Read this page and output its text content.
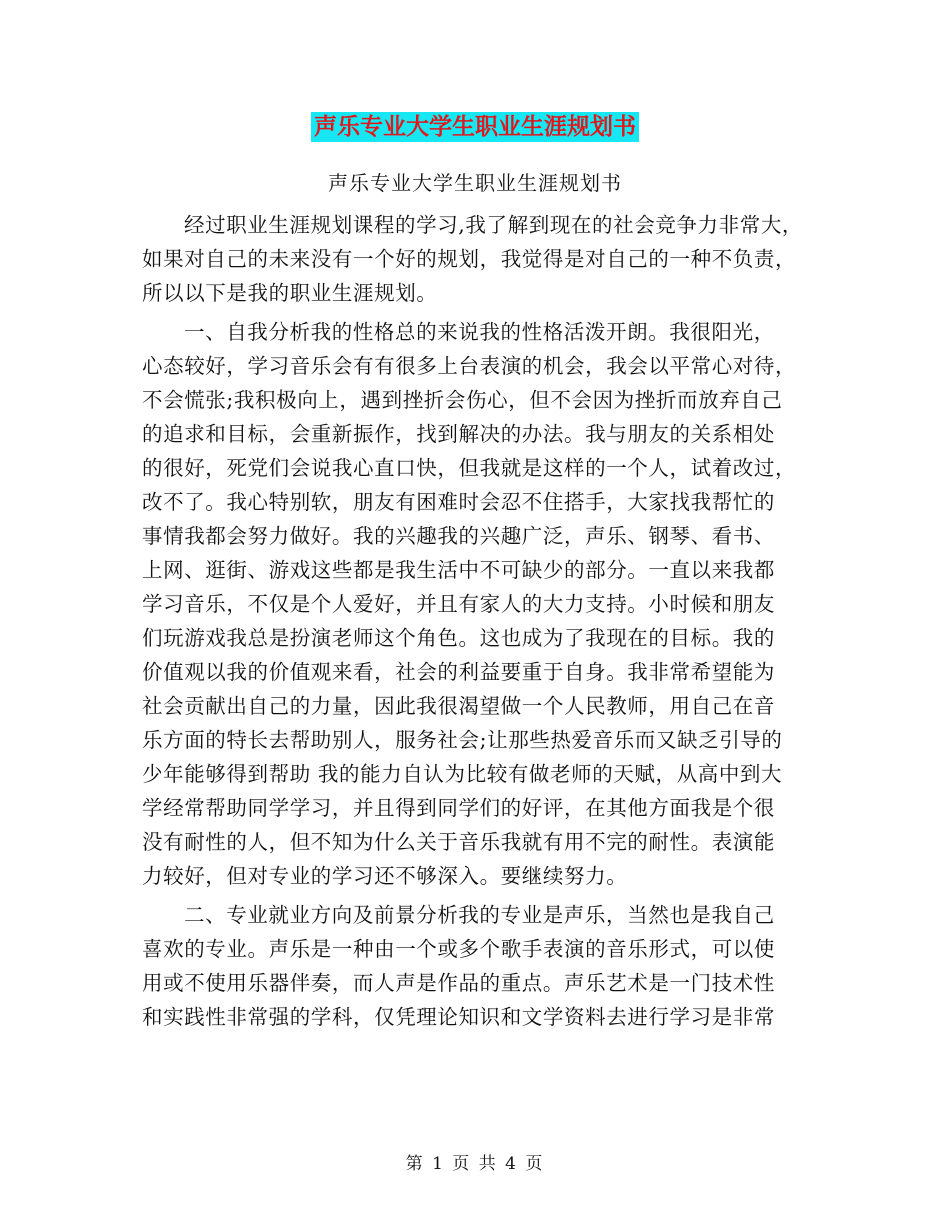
声乐专业大学生职业生涯规划书
声乐专业大学生职业生涯规划书
经过职业生涯规划课程的学习,我了解到现在的社会竞争力非常大，
如果对自己的未来没有一个好的规划，我觉得是对自己的一种不负责，
所以以下是我的职业生涯规划。
一、自我分析我的性格总的来说我的性格活泼开朗。我很阳光，
心态较好，学习音乐会有有很多上台表演的机会，我会以平常心对待，
不会慌张;我积极向上，遇到挫折会伤心，但不会因为挫折而放弃自己
的追求和目标，会重新振作，找到解决的办法。我与朋友的关系相处
的很好，死党们会说我心直口快，但我就是这样的一个人，试着改过，
改不了。我心特别软，朋友有困难时会忍不住搭手，大家找我帮忙的
事情我都会努力做好。我的兴趣我的兴趣广泛，声乐、钢琴、看书、
上网、逛街、游戏这些都是我生活中不可缺少的部分。一直以来我都
学习音乐，不仅是个人爱好，并且有家人的大力支持。小时候和朋友
们玩游戏我总是扮演老师这个角色。这也成为了我现在的目标。我的
价值观以我的价值观来看，社会的利益要重于自身。我非常希望能为
社会贡献出自己的力量，因此我很渴望做一个人民教师，用自己在音
乐方面的特长去帮助别人，服务社会;让那些热爱音乐而又缺乏引导的
少年能够得到帮助 我的能力自认为比较有做老师的天赋，从高中到大
学经常帮助同学学习，并且得到同学们的好评，在其他方面我是个很
没有耐性的人，但不知为什么关于音乐我就有用不完的耐性。表演能
力较好，但对专业的学习还不够深入。要继续努力。
二、专业就业方向及前景分析我的专业是声乐，当然也是我自己
喜欢的专业。声乐是一种由一个或多个歌手表演的音乐形式，可以使
用或不使用乐器伴奏，而人声是作品的重点。声乐艺术是一门技术性
和实践性非常强的学科，仅凭理论知识和文学资料去进行学习是非常
第 1 页 共 4 页
